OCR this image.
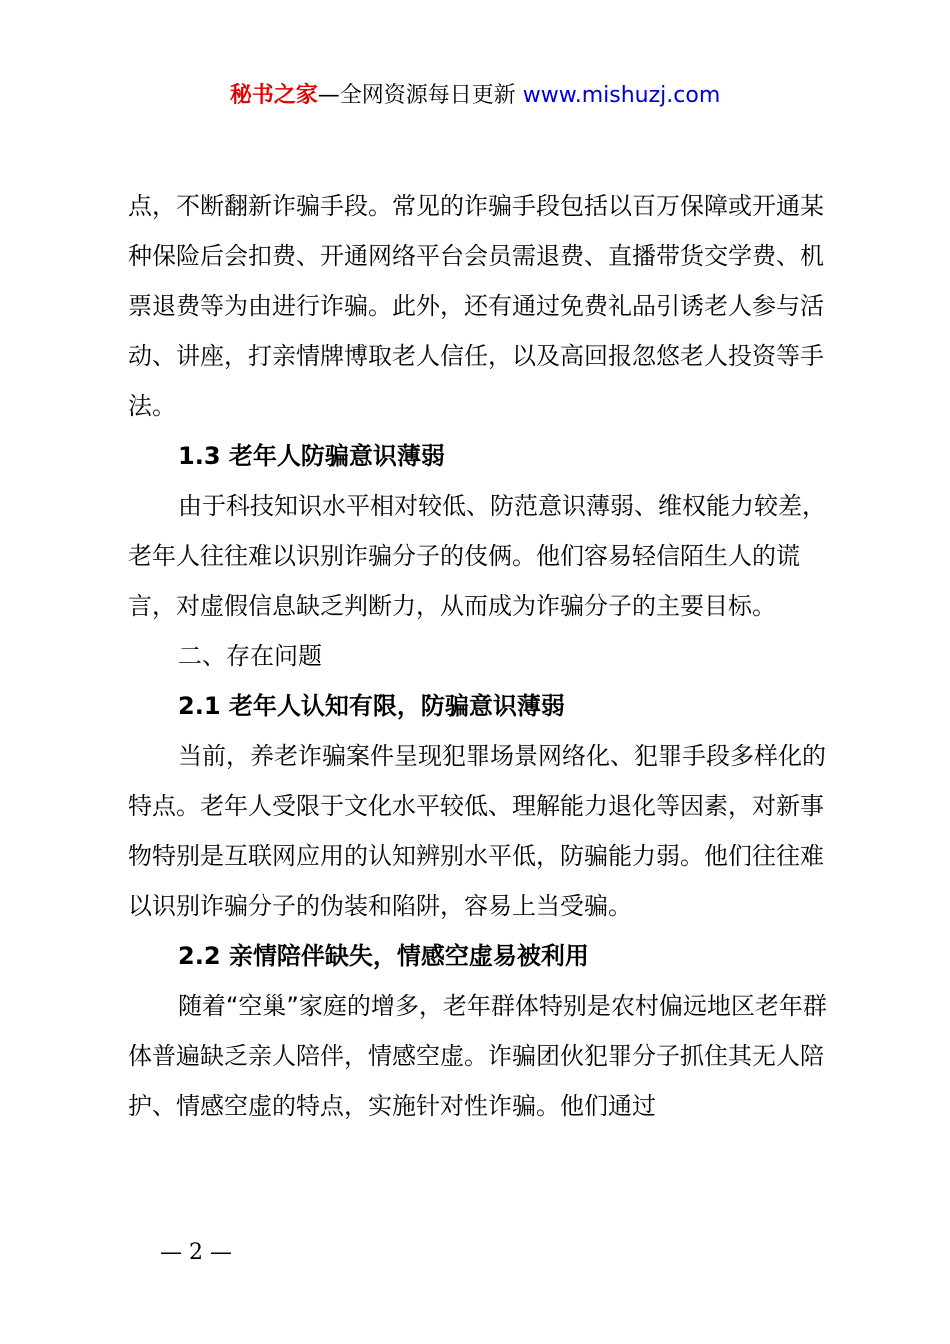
秘书之家—全网资源每日更新 www.mishuzj.com

点，不断翻新诈骗手段。常见的诈骗手段包括以百万保障或开通某种保险后会扣费、开通网络平台会员需退费、直播带货交学费、机票退费等为由进行诈骗。此外，还有通过免费礼品引诱老人参与活动、讲座，打亲情牌博取老人信任，以及高回报忽悠老人投资等手法。

1.3 老年人防骗意识薄弱

由于科技知识水平相对较低、防范意识薄弱、维权能力较差，老年人往往难以识别诈骗分子的伎俩。他们容易轻信陌生人的谎言，对虚假信息缺乏判断力，从而成为诈骗分子的主要目标。

二、存在问题

2.1 老年人认知有限，防骗意识薄弱

当前，养老诈骗案件呈现犯罪场景网络化、犯罪手段多样化的特点。老年人受限于文化水平较低、理解能力退化等因素，对新事物特别是互联网应用的认知辨别水平低，防骗能力弱。他们往往难以识别诈骗分子的伪装和陷阱，容易上当受骗。

2.2 亲情陪伴缺失，情感空虚易被利用

随着“空巢”家庭的增多，老年群体特别是农村偏远地区老年群体普遍缺乏亲人陪伴，情感空虚。诈骗团伙犯罪分子抓住其无人陪护、情感空虚的特点，实施针对性诈骗。他们通过

— 2 —
